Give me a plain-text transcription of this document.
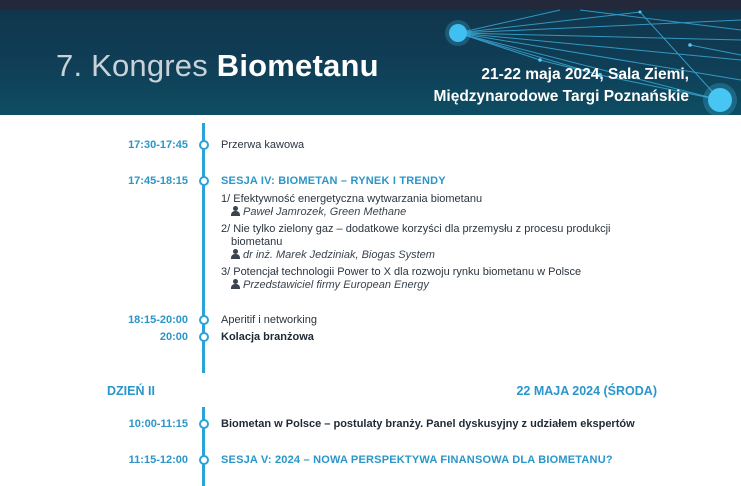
7. Kongres Biometanu	21-22 maja 2024, Sala Ziemi,
Międzynarodowe Targi Poznańskie
17:30-17:45	Przerwa kawowa
17:45-18:15	SESJA IV: BIOMETAN – RYNEK I TRENDY
1/ Efektywność energetyczna wytwarzania biometanu
Paweł Jamrozek, Green Methane
2/ Nie tylko zielony gaz – dodatkowe korzyści dla przemysłu z procesu produkcji
biometanu
dr inż. Marek Jedziniak, Biogas System
3/ Potencjał technologii Power to X dla rozwoju rynku biometanu w Polsce
Przedstawiciel firmy European Energy
18:15-20:00	Aperitif i networking
20:00	Kolacja branżowa
DZIEŃ II	22 MAJA 2024 (ŚRODA)
10:00-11:15	Biometan w Polsce – postulaty branży. Panel dyskusyjny z udziałem ekspertów
11:15-12:00	SESJA V: 2024 – NOWA PERSPEKTYWA FINANSOWA DLA BIOMETANU?
